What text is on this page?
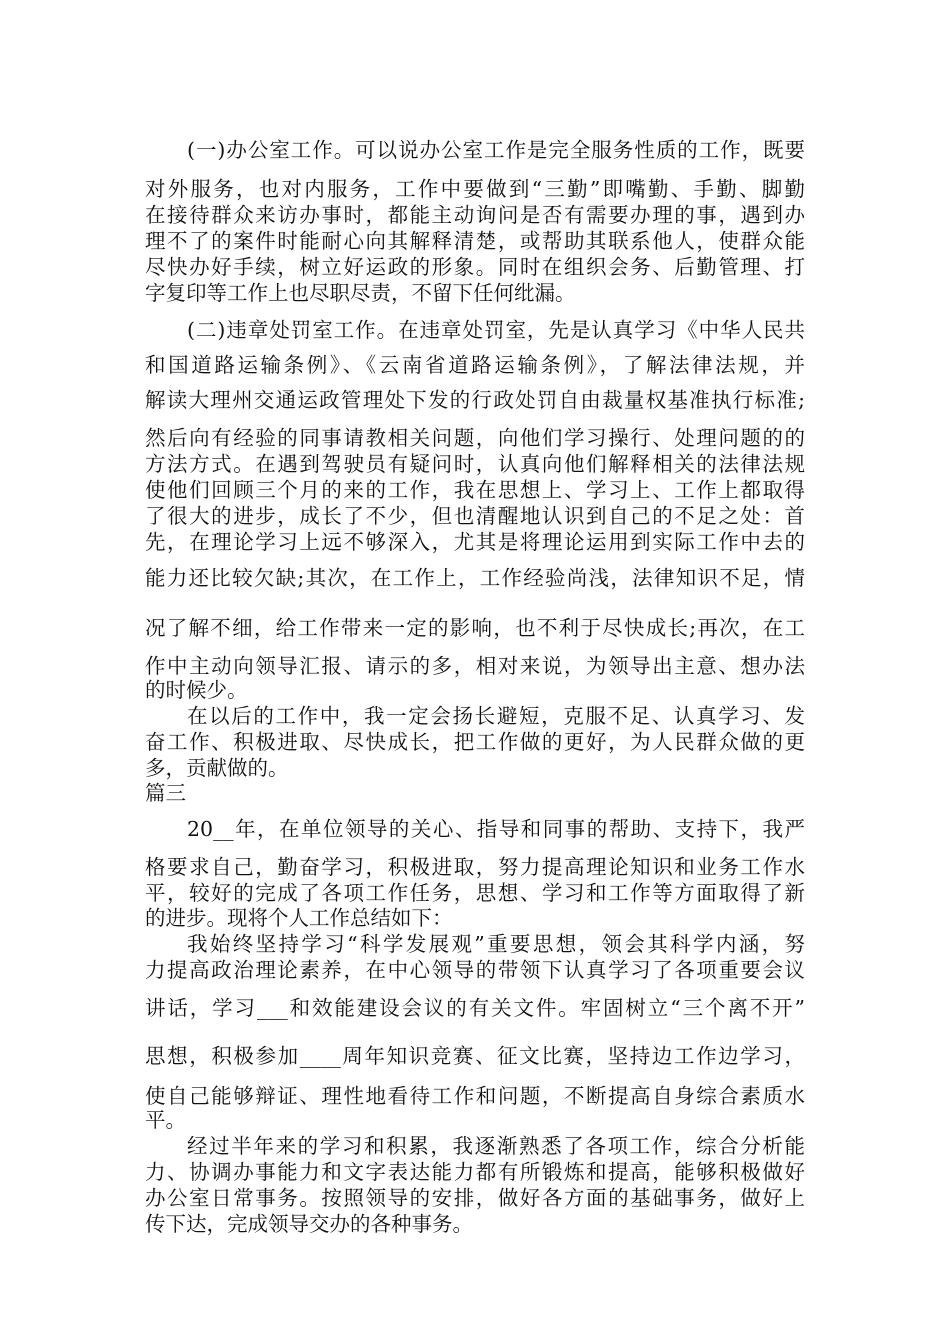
(一)办公室工作。可以说办公室工作是完全服务性质的工作，既要
对外服务，也对内服务，工作中要做到“三勤”即嘴勤、手勤、脚勤
在接待群众来访办事时，都能主动询问是否有需要办理的事，遇到办
理不了的案件时能耐心向其解释清楚，或帮助其联系他人，使群众能
尽快办好手续，树立好运政的形象。同时在组织会务、后勤管理、打
字复印等工作上也尽职尽责，不留下任何纰漏。
(二)违章处罚室工作。在违章处罚室，先是认真学习《中华人民共
和国道路运输条例》、《云南省道路运输条例》，了解法律法规，并
解读大理州交通运政管理处下发的行政处罚自由裁量权基准执行标准;
然后向有经验的同事请教相关问题，向他们学习操行、处理问题的的
方法方式。在遇到驾驶员有疑问时，认真向他们解释相关的法律法规
使他们回顾三个月的来的工作，我在思想上、学习上、工作上都取得
了很大的进步，成长了不少，但也清醒地认识到自己的不足之处：首
先，在理论学习上远不够深入，尤其是将理论运用到实际工作中去的
能力还比较欠缺;其次，在工作上，工作经验尚浅，法律知识不足，情
况了解不细，给工作带来一定的影响，也不利于尽快成长;再次，在工
作中主动向领导汇报、请示的多，相对来说，为领导出主意、想办法
的时候少。
在以后的工作中，我一定会扬长避短，克服不足、认真学习、发
奋工作、积极进取、尽快成长，把工作做的更好，为人民群众做的更
多，贡献做的。
篇三
20__年，在单位领导的关心、指导和同事的帮助、支持下，我严
格要求自己，勤奋学习，积极进取，努力提高理论知识和业务工作水
平，较好的完成了各项工作任务，思想、学习和工作等方面取得了新
的进步。现将个人工作总结如下：
我始终坚持学习“科学发展观”重要思想，领会其科学内涵，努
力提高政治理论素养，在中心领导的带领下认真学习了各项重要会议
讲话，学习___和效能建设会议的有关文件。牢固树立“三个离不开”
思想，积极参加____周年知识竞赛、征文比赛，坚持边工作边学习，
使自己能够辩证、理性地看待工作和问题，不断提高自身综合素质水
平。
经过半年来的学习和积累，我逐渐熟悉了各项工作，综合分析能
力、协调办事能力和文字表达能力都有所锻炼和提高，能够积极做好
办公室日常事务。按照领导的安排，做好各方面的基础事务，做好上
传下达，完成领导交办的各种事务。
